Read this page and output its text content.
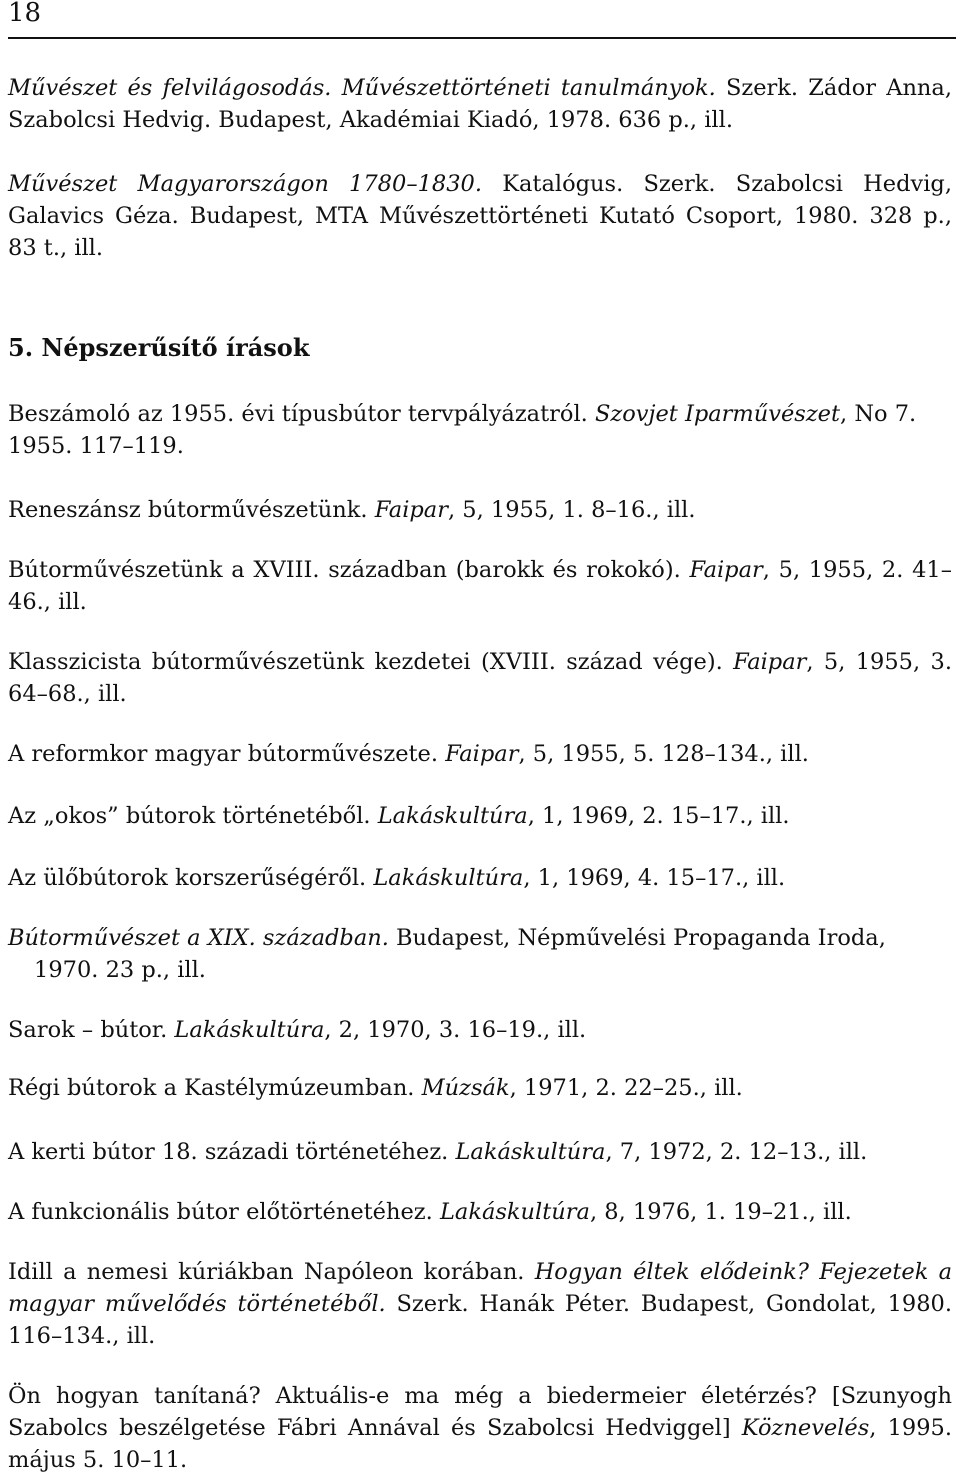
18
Művészet és felvilágosodás. Művészettörténeti tanulmányok. Szerk. Zádor Anna, Szabolcsi Hedvig. Budapest, Akadémiai Kiadó, 1978. 636 p., ill.
Művészet Magyarországon 1780–1830. Katalógus. Szerk. Szabolcsi Hedvig, Galavics Géza. Budapest, MTA Művészettörténeti Kutató Csoport, 1980. 328 p., 83 t., ill.
5. Népszerűsítő írások
Beszámoló az 1955. évi típusbútor tervpályázatról. Szovjet Iparművészet, No 7. 1955. 117–119.
Reneszánsz bútorművészetünk. Faipar, 5, 1955, 1. 8–16., ill.
Bútorművészetünk a XVIII. században (barokk és rokokó). Faipar, 5, 1955, 2. 41–46., ill.
Klasszicista bútorművészetünk kezdetei (XVIII. század vége). Faipar, 5, 1955, 3. 64–68., ill.
A reformkor magyar bútorművészete. Faipar, 5, 1955, 5. 128–134., ill.
Az „okos” bútorok történetéből. Lakáskultúra, 1, 1969, 2. 15–17., ill.
Az ülőbútorok korszerűségéről. Lakáskultúra, 1, 1969, 4. 15–17., ill.
Bútorművészet a XIX. században. Budapest, Népművelési Propaganda Iroda, 1970. 23 p., ill.
Sarok – bútor. Lakáskultúra, 2, 1970, 3. 16–19., ill.
Régi bútorok a Kastélymúzeumban. Múzsák, 1971, 2. 22–25., ill.
A kerti bútor 18. századi történetéhez. Lakáskultúra, 7, 1972, 2. 12–13., ill.
A funkcionális bútor előtörténetéhez. Lakáskultúra, 8, 1976, 1. 19–21., ill.
Idill a nemesi kúriákban Napóleon korában. Hogyan éltek elődeink? Fejezetek a magyar művelődés történetéből. Szerk. Hanák Péter. Budapest, Gondolat, 1980. 116–134., ill.
Ön hogyan tanítaná? Aktuális-e ma még a biedermeier életérzés? [Szunyogh Szabolcs beszélgetése Fábri Annával és Szabolcsi Hedviggel] Köznevelés, 1995. május 5. 10–11.
